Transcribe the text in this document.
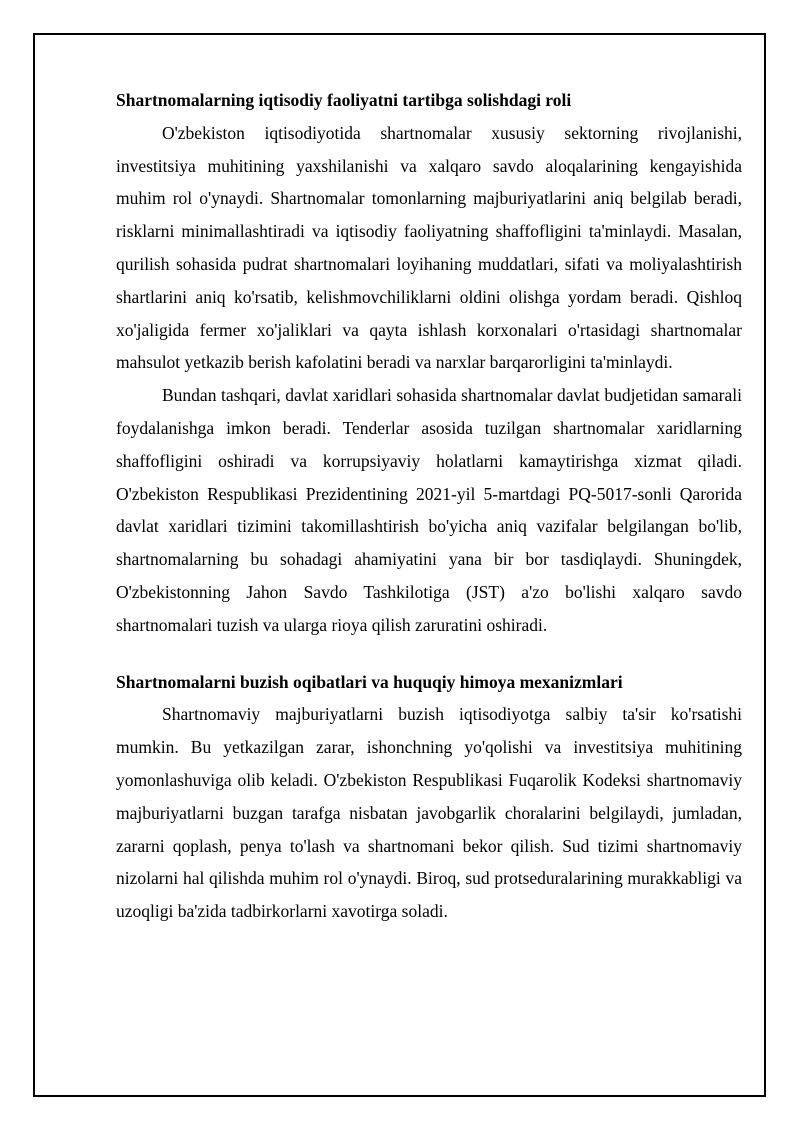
Shartnomalarning iqtisodiy faoliyatni tartibga solishdagi roli

O'zbekiston iqtisodiyotida shartnomalar xususiy sektorning rivojlanishi, investitsiya muhitining yaxshilanishi va xalqaro savdo aloqalarining kengayishida muhim rol o'ynaydi. Shartnomalar tomonlarning majburiyatlarini aniq belgilab beradi, risklarni minimallashtiradi va iqtisodiy faoliyatning shaffofligini ta'minlaydi. Masalan, qurilish sohasida pudrat shartnomalari loyihaning muddatlari, sifati va moliyalashtirish shartlarini aniq ko'rsatib, kelishmovchiliklarni oldini olishga yordam beradi. Qishloq xo'jaligida fermer xo'jaliklari va qayta ishlash korxonalari o'rtasidagi shartnomalar mahsulot yetkazib berish kafolatini beradi va narxlar barqarorligini ta'minlaydi.

Bundan tashqari, davlat xaridlari sohasida shartnomalar davlat budjetidan samarali foydalanishga imkon beradi. Tenderlar asosida tuzilgan shartnomalar xaridlarning shaffofligini oshiradi va korrupsiyaviy holatlarni kamaytirishga xizmat qiladi. O'zbekiston Respublikasi Prezidentining 2021-yil 5-martdagi PQ-5017-sonli Qarorida davlat xaridlari tizimini takomillashtirish bo'yicha aniq vazifalar belgilangan bo'lib, shartnomalarning bu sohadagi ahamiyatini yana bir bor tasdiqlaydi. Shuningdek, O'zbekistonning Jahon Savdo Tashkilotiga (JST) a'zo bo'lishi xalqaro savdo shartnomalari tuzish va ularga rioya qilish zaruratini oshiradi.

Shartnomalarni buzish oqibatlari va huquqiy himoya mexanizmlari

Shartnomaviy majburiyatlarni buzish iqtisodiyotga salbiy ta'sir ko'rsatishi mumkin. Bu yetkazilgan zarar, ishonchning yo'qolishi va investitsiya muhitining yomonlashuviga olib keladi. O'zbekiston Respublikasi Fuqarolik Kodeksi shartnomaviy majburiyatlarni buzgan tarafga nisbatan javobgarlik choralarini belgilaydi, jumladan, zararni qoplash, penya to'lash va shartnomani bekor qilish. Sud tizimi shartnomaviy nizolarni hal qilishda muhim rol o'ynaydi. Biroq, sud protseduralarining murakkabligi va uzoqligi ba'zida tadbirkorlarni xavotirga soladi.
